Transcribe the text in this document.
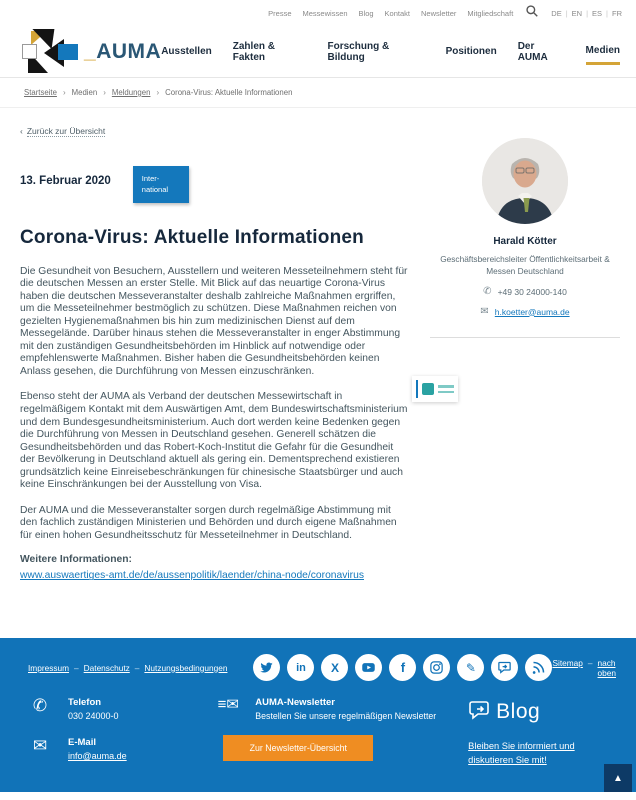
Presse Messewissen Blog Kontakt Newsletter Mitgliedschaft	DE | EN | ES | FR
_AUMA Ausstellen Zahlen & Fakten
Forschung & Bildung	Positionen Der AUMA
Medien
Startseite › Medien › Meldungen › Corona-Virus: Aktuelle Informationen
‹ Zurück zur Übersicht
13. Februar 2020	Inter-
national
Corona-Virus: Aktuelle Informationen

Die Gesundheit von Besuchern, Ausstellern und weiteren Messeteilnehmern steht für die deutschen Messen an erster Stelle. Mit Blick auf das neuartige Corona-Virus haben die deutschen Messeveranstalter deshalb zahlreiche Maßnahmen ergriffen, um die Messeteilnehmer bestmöglich zu schützen. Diese Maßnahmen reichen von gezielten Hygienemaßnahmen bis hin zum medizinischen Dienst auf dem Messegelände. Darüber hinaus stehen die Messeveranstalter in enger Abstimmung mit den zuständigen Gesundheitsbehörden im Hinblick auf notwendige oder empfehlenswerte Maßnahmen. Bisher haben die Gesundheitsbehörden keinen Anlass gesehen, die Durchführung von Messen einzuschränken.

Ebenso steht der AUMA als Verband der deutschen Messewirtschaft in regelmäßigem Kontakt mit dem Auswärtigen Amt, dem Bundeswirtschaftsministerium und dem Bundesgesundheitsministerium. Auch dort werden keine Bedenken gegen die Durchführung von Messen in Deutschland gesehen. Generell schätzen die Gesundheitsbehörden und das Robert-Koch-Institut die Gefahr für die Gesundheit der Bevölkerung in Deutschland aktuell als gering ein. Dementsprechend existieren grundsätzlich keine Einreisebeschränkungen für chinesische Staatsbürger und auch keine Einschränkungen bei der Ausstellung von Visa.

Der AUMA und die Messeveranstalter sorgen durch regelmäßige Abstimmung mit den fachlich zuständigen Ministerien und Behörden und durch eigene Maßnahmen für einen hohen Gesundheitsschutz für Messeteilnehmer in Deutschland.

Weitere Informationen:
www.auswaertiges-amt.de/de/aussenpolitik/laender/china-node/coronavirus
Harald Kötter
Geschäftsbereichsleiter Öffentlichkeitsarbeit & Messen Deutschland
✆ +49 30 24000-140
✉ h.koetter@auma.de
Impressum – Datenschutz – Nutzungsbedingungen	in X	f	✎	Sitemap – nach oben
✆	Telefon
030 24000-0
✉	E-Mail
info@auma.de
≡✉ AUMA-Newsletter
Bestellen Sie unsere regelmäßigen Newsletter
Zur Newsletter-Übersicht
Blog
Bleiben Sie informiert und diskutieren Sie mit!
▲
